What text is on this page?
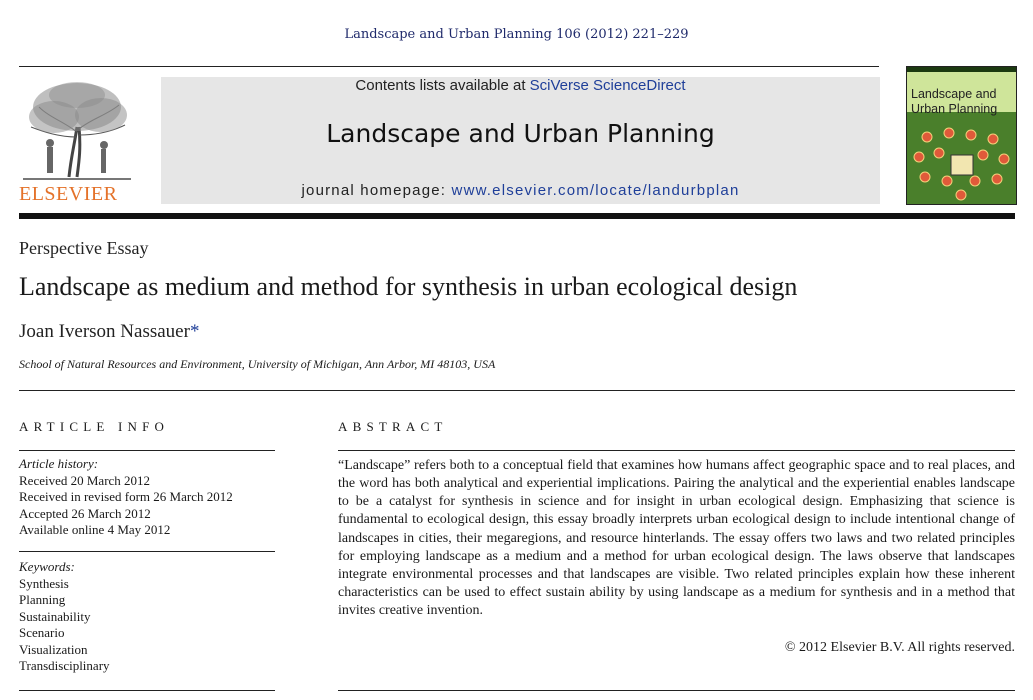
Landscape and Urban Planning 106 (2012) 221–229
ELSEVIER
Contents lists available at SciVerse ScienceDirect
Landscape and Urban Planning
journal homepage: www.elsevier.com/locate/landurbplan
Landscape and
Urban Planning
Perspective Essay
Landscape as medium and method for synthesis in urban ecological design
Joan Iverson Nassauer*
School of Natural Resources and Environment, University of Michigan, Ann Arbor, MI 48103, USA
ARTICLE INFO	ABSTRACT
Article history:
Received 20 March 2012
Received in revised form 26 March 2012
Accepted 26 March 2012
Available online 4 May 2012
Keywords:
Synthesis
Planning
Sustainability
Scenario
Visualization
Transdisciplinary
“Landscape” refers both to a conceptual field that examines how humans affect geographic space and to real places, and the word has both analytical and experiential implications. Pairing the analytical and the experiential enables landscape to be a catalyst for synthesis in science and for insight in urban ecological design. Emphasizing that science is fundamental to ecological design, this essay broadly interprets urban ecological design to include intentional change of landscapes in cities, their megaregions, and resource hinterlands. The essay offers two laws and two related principles for employing landscape as a medium and a method for urban ecological design. The laws observe that landscapes integrate environmental processes and that landscapes are visible. Two related principles explain how these inherent characteristics can be used to effect sustain ability by using landscape as a medium for synthesis and in a method that invites creative invention.
© 2012 Elsevier B.V. All rights reserved.
